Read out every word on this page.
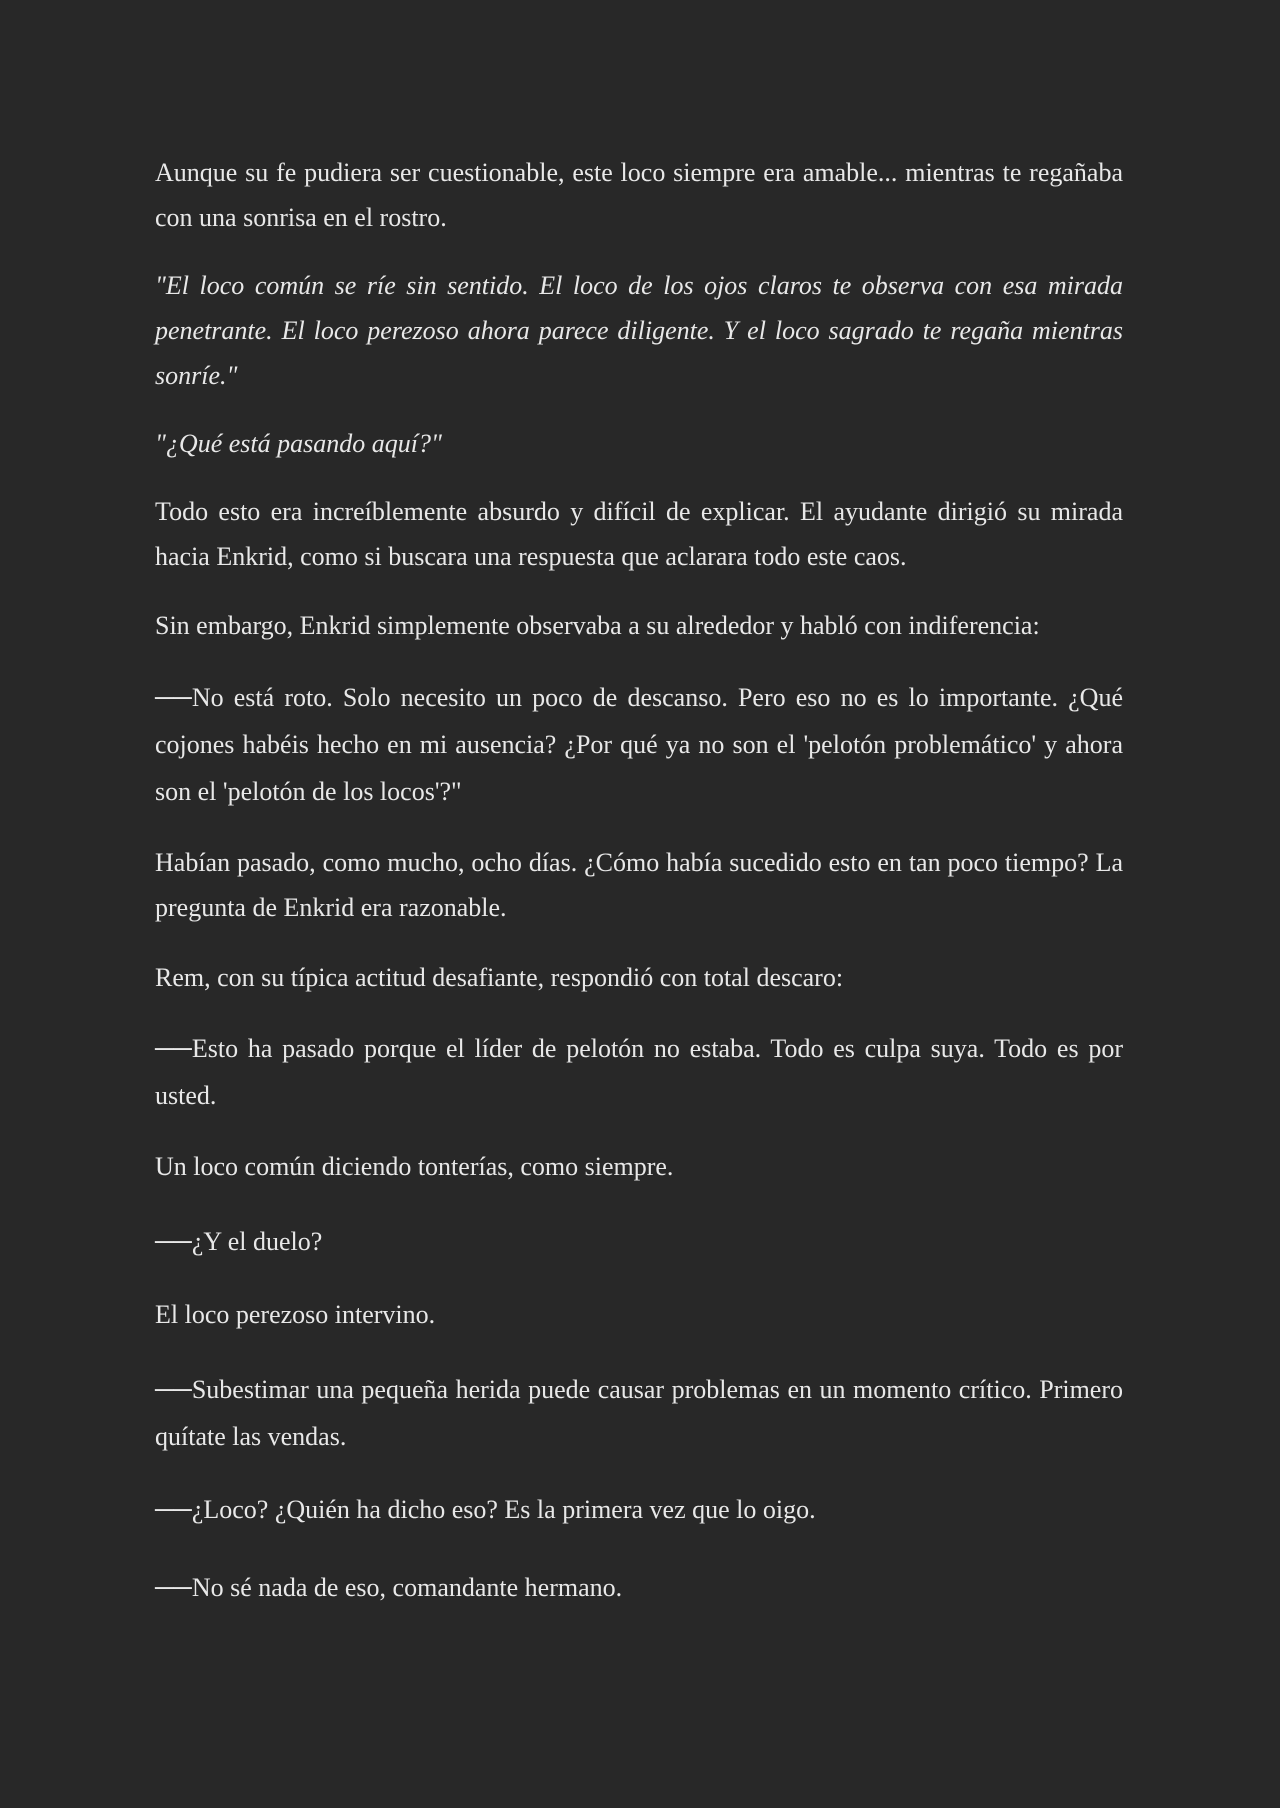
Aunque su fe pudiera ser cuestionable, este loco siempre era amable... mientras te regañaba con una sonrisa en el rostro.

"El loco común se ríe sin sentido. El loco de los ojos claros te observa con esa mirada penetrante. El loco perezoso ahora parece diligente. Y el loco sagrado te regaña mientras sonríe."

"¿Qué está pasando aquí?"

Todo esto era increíblemente absurdo y difícil de explicar. El ayudante dirigió su mirada hacia Enkrid, como si buscara una respuesta que aclarara todo este caos.

Sin embargo, Enkrid simplemente observaba a su alrededor y habló con indiferencia:

──No está roto. Solo necesito un poco de descanso. Pero eso no es lo importante. ¿Qué cojones habéis hecho en mi ausencia? ¿Por qué ya no son el 'pelotón problemático' y ahora son el 'pelotón de los locos'?"

Habían pasado, como mucho, ocho días. ¿Cómo había sucedido esto en tan poco tiempo? La pregunta de Enkrid era razonable.

Rem, con su típica actitud desafiante, respondió con total descaro:

──Esto ha pasado porque el líder de pelotón no estaba. Todo es culpa suya. Todo es por usted.

Un loco común diciendo tonterías, como siempre.

──¿Y el duelo?

El loco perezoso intervino.

──Subestimar una pequeña herida puede causar problemas en un momento crítico. Primero quítate las vendas.

──¿Loco? ¿Quién ha dicho eso? Es la primera vez que lo oigo.

──No sé nada de eso, comandante hermano.
